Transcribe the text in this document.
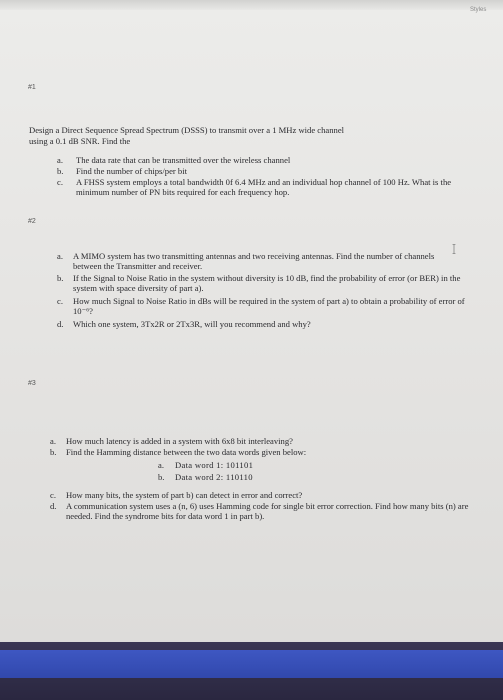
Styles
#1
Design a Direct Sequence Spread Spectrum (DSSS) to transmit over a 1 MHz wide channel
using a 0.1 dB SNR. Find the
a. The data rate that can be transmitted over the wireless channel
b. Find the number of chips/per bit
c. A FHSS system employs a total bandwidth 0f 6.4 MHz and an individual hop channel of 100 Hz. What is the minimum number of PN bits required for each frequency hop.
#2
a. A MIMO system has two transmitting antennas and two receiving antennas. Find the number of channels between the Transmitter and receiver.
b. If the Signal to Noise Ratio in the system without diversity is 10 dB, find the probability of error (or BER) in the system with space diversity of part a).
c. How much Signal to Noise Ratio in dBs will be required in the system of part a) to obtain a probability of error of 10⁻⁶?
d. Which one system, 3Tx2R or 2Tx3R, will you recommend and why?
#3
a. How much latency is added in a system with 6x8 bit interleaving?
b. Find the Hamming distance between the two data words given below:
a. Data word 1: 101101
b. Data word 2: 110110
c. How many bits, the system of part b) can detect in error and correct?
d. A communication system uses a (n, 6) uses Hamming code for single bit error correction. Find how many bits (n) are needed. Find the syndrome bits for data word 1 in part b).
